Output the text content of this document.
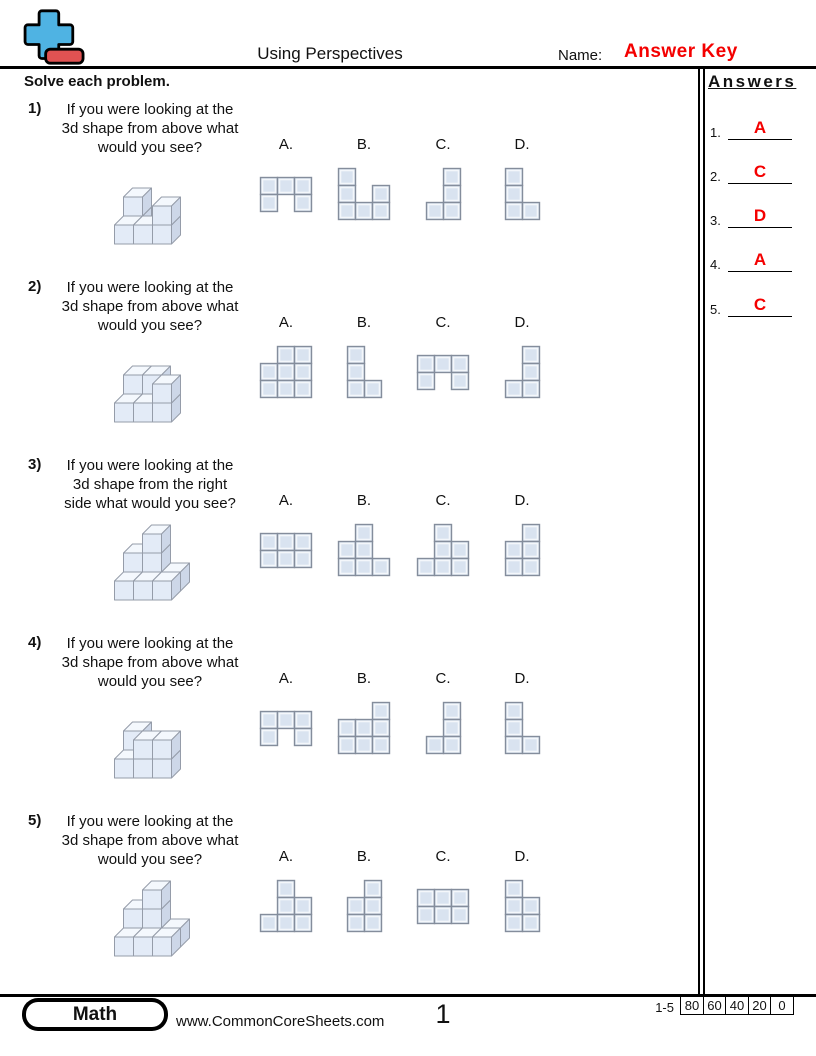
Using Perspectives	Name: Answer Key
Solve each problem.	Answers
1.	A
2.	C
3.	D
4.	A
5.	C
1)	If you were looking at the
3d shape from above what
would you see?	A.	B.	C.	D.
2)	If you were looking at the
3d shape from above what
would you see?	A.	B.	C.	D.
3)	If you were looking at the
3d shape from the right
side what would you see?	A.	B.	C.	D.
4)	If you were looking at the
3d shape from above what
would you see?	A.	B.	C.	D.
5)	If you were looking at the
3d shape from above what
would you see?	A.	B.	C.	D.
Math	www.CommonCoreSheets.com	1	1-5 80 60 40 20 0
